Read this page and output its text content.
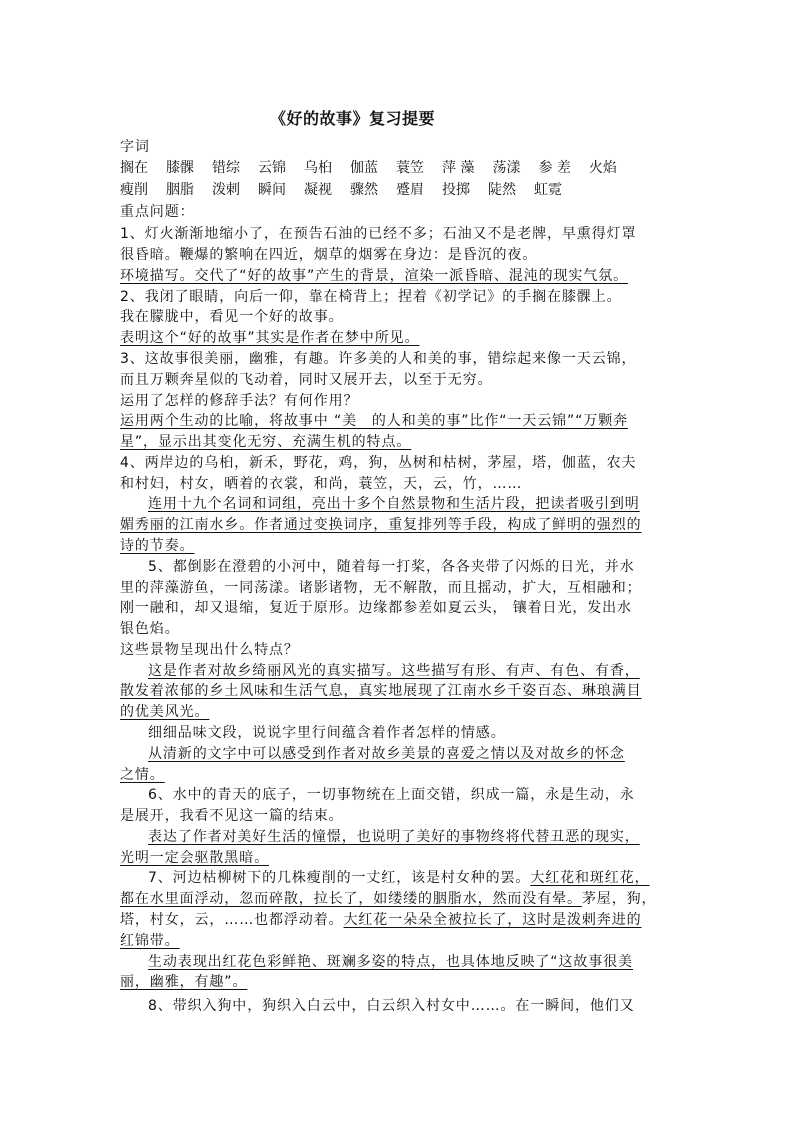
《好的故事》复习提要
字词
搁在 膝髁 错综 云锦 乌桕 伽蓝 蓑笠 萍 藻 荡漾 参 差 火焰
瘦削 胭脂 泼剌 瞬间 凝视 骤然 蹙眉 投掷 陡然 虹霓
重点问题：
1、灯火渐渐地缩小了，在预告石油的已经不多；石油又不是老牌，早熏得灯罩
很昏暗。鞭爆的繁响在四近，烟草的烟雾在身边：是昏沉的夜。
环境描写。交代了“好的故事”产生的背景，渲染一派昏暗、混沌的现实气氛。
2、我闭了眼睛，向后一仰，靠在椅背上；捏着《初学记》的手搁在膝髁上。
我在朦胧中，看见一个好的故事。
表明这个“好的故事”其实是作者在梦中所见。
3、这故事很美丽，幽雅，有趣。许多美的人和美的事，错综起来像一天云锦，
而且万颗奔星似的飞动着，同时又展开去，以至于无穷。
运用了怎样的修辞手法？有何作用？
运用两个生动的比喻，将故事中 “美　的人和美的事”比作“一天云锦”“万颗奔
星”，显示出其变化无穷、充满生机的特点。
4、两岸边的乌桕，新禾，野花，鸡，狗，丛树和枯树，茅屋，塔，伽蓝，农夫
和村妇，村女，晒着的衣裳，和尚，蓑笠，天，云，竹，……
连用十九个名词和词组，亮出十多个自然景物和生活片段，把读者吸引到明
媚秀丽的江南水乡。作者通过变换词序，重复排列等手段，构成了鲜明的强烈的
诗的节奏。
5、都倒影在澄碧的小河中，随着每一打桨，各各夹带了闪烁的日光，并水
里的萍藻游鱼，一同荡漾。诸影诸物，无不解散，而且摇动，扩大，互相融和；
刚一融和，却又退缩，复近于原形。边缘都参差如夏云头， 镶着日光，发出水
银色焰。
这些景物呈现出什么特点？
这是作者对故乡绮丽风光的真实描写。这些描写有形、有声、有色、有香，
散发着浓郁的乡土风味和生活气息，真实地展现了江南水乡千姿百态、琳琅满目
的优美风光。
细细品味文段，说说字里行间蕴含着作者怎样的情感。
从清新的文字中可以感受到作者对故乡美景的喜爱之情以及对故乡的怀念
之情。
6、水中的青天的底子，一切事物统在上面交错，织成一篇，永是生动，永
是展开，我看不见这一篇的结束。
表达了作者对美好生活的憧憬，也说明了美好的事物终将代替丑恶的现实，
光明一定会驱散黑暗。
7、河边枯柳树下的几株瘦削的一丈红，该是村女种的罢。大红花和斑红花，
都在水里面浮动，忽而碎散，拉长了，如缕缕的胭脂水，然而没有晕。茅屋，狗，
塔，村女，云，……也都浮动着。大红花一朵朵全被拉长了，这时是泼剌奔进的
红锦带。
生动表现出红花色彩鲜艳、斑斓多姿的特点，也具体地反映了“这故事很美
丽，幽雅，有趣”。
8、带织入狗中，狗织入白云中，白云织入村女中……。在一瞬间，他们又
